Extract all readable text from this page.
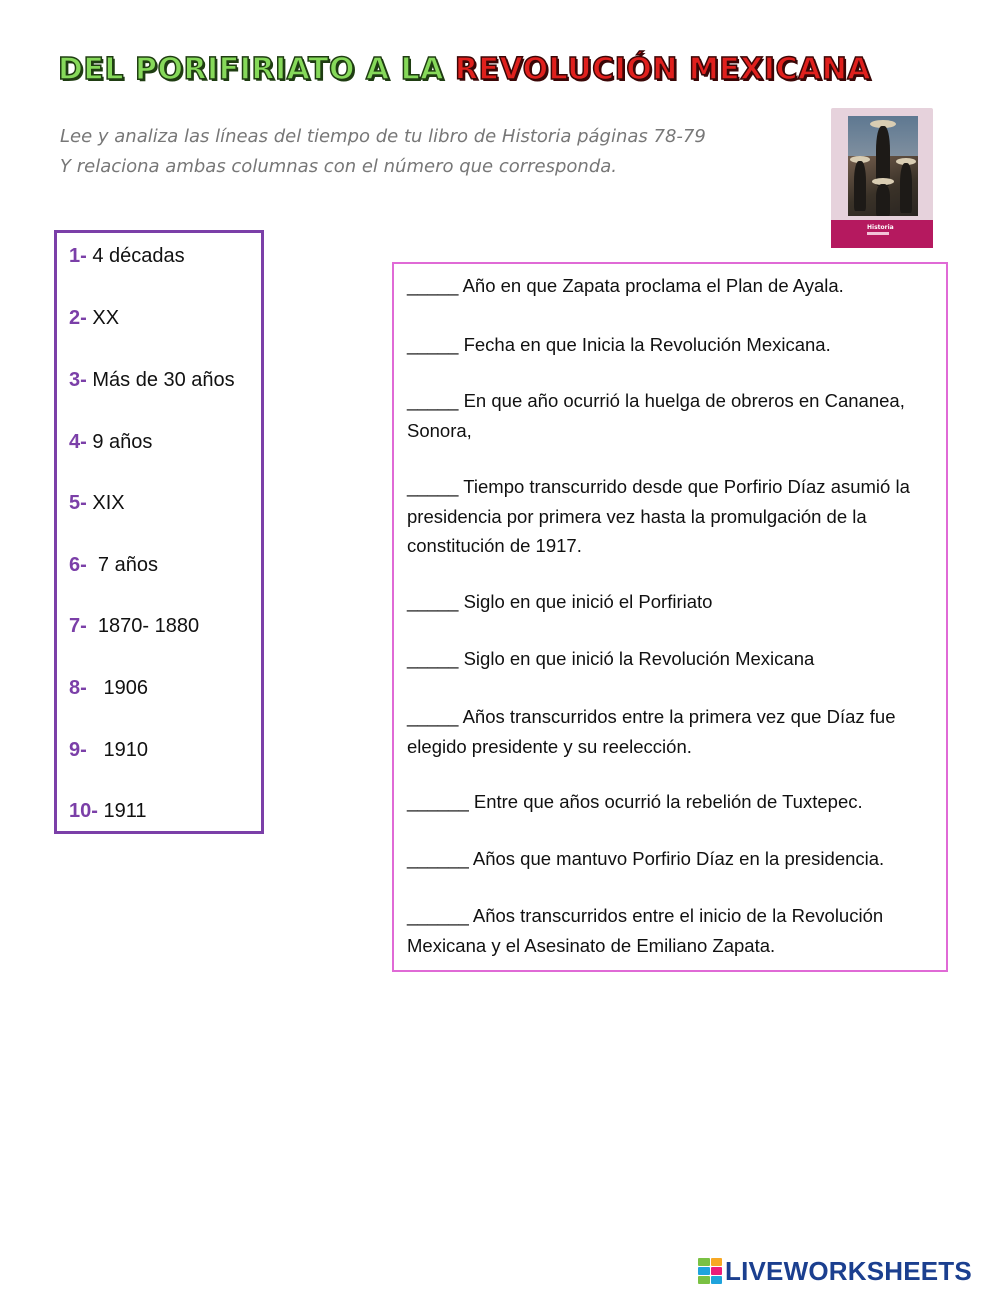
DEL PORIFIRIATO A LA REVOLUCIÓN MEXICANA
Lee y analiza las líneas del tiempo de tu libro de Historia páginas 78-79
Y relaciona ambas columnas con el número que corresponda.
Historia
1- 4 décadas
2- XX
3- Más de 30 años
4- 9 años
5- XIX
6-  7 años
7-  1870- 1880
8-   1906
9-   1910
10- 1911
_____ Año en que Zapata proclama el Plan de Ayala.
_____ Fecha en que Inicia la Revolución Mexicana.
_____ En que año ocurrió la huelga de obreros en Cananea, Sonora,
_____ Tiempo transcurrido desde que Porfirio Díaz asumió la presidencia por primera vez hasta la promulgación de la constitución de 1917.
_____ Siglo en que inició el Porfiriato
_____ Siglo en que inició la Revolución Mexicana
_____ Años transcurridos entre la primera vez que Díaz fue elegido presidente y su reelección.
______ Entre que años ocurrió la rebelión de Tuxtepec.
______ Años que mantuvo Porfirio Díaz en la presidencia.
______ Años transcurridos entre el inicio de la Revolución Mexicana y el Asesinato de Emiliano Zapata.
LIVEWORKSHEETS
